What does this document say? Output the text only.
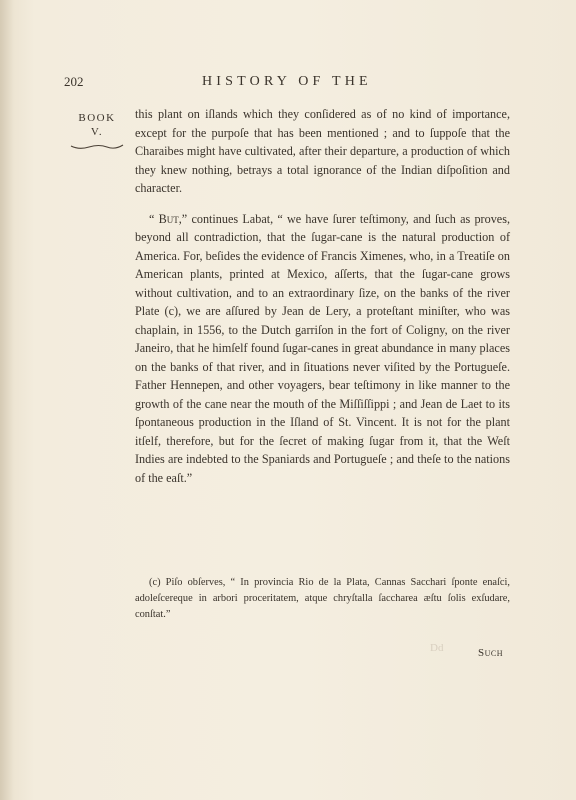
202	HISTORY OF THE
BOOK
V.

this plant on iſlands which they conſidered as of no kind of importance, except for the purpoſe that has been mentioned ; and to ſuppoſe that the Charaibes might have cultivated, after their departure, a production of which they knew nothing, betrays a total ignorance of the Indian diſpoſition and character.

“ But,” continues Labat, “ we have ſurer teſtimony, and ſuch as proves, beyond all contradiction, that the ſugar-cane is the natural production of America. For, beſides the evidence of Francis Ximenes, who, in a Treatiſe on American plants, printed at Mexico, aſſerts, that the ſugar-cane grows without cultivation, and to an extraordinary ſize, on the banks of the river Plate (c), we are aſſured by Jean de Lery, a proteſtant miniſter, who was chaplain, in 1556, to the Dutch garriſon in the fort of Coligny, on the river Janeiro, that he himſelf found ſugar-canes in great abundance in many places on the banks of that river, and in ſituations never viſited by the Portugueſe. Father Hennepen, and other voyagers, bear teſtimony in like manner to the growth of the cane near the mouth of the Miſſiſſippi ; and Jean de Laet to its ſpontaneous production in the Iſland of St. Vincent. It is not for the plant itſelf, therefore, but for the ſecret of making ſugar from it, that the Weſt Indies are indebted to the Spaniards and Portugueſe ; and theſe to the nations of the eaſt.”

(c) Piſo obſerves, “ In provincia Rio de la Plata, Cannas Sacchari ſponte enaſci, adoleſcereque in arbori proceritatem, atque chryſtalla ſaccharea æſtu ſolis exſudare, conſtat.”
Dd	Such
